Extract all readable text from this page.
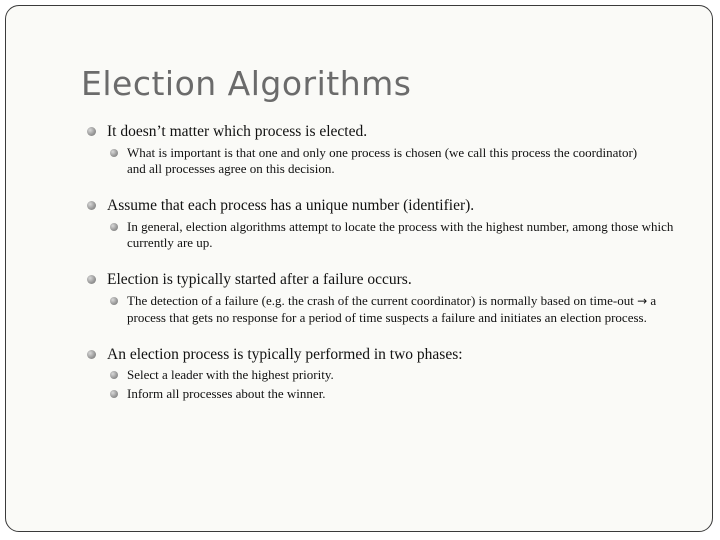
Election Algorithms

It doesn’t matter which process is elected.

What is important is that one and only one process is chosen (we call this process the coordinator) and all processes agree on this decision.

Assume that each process has a unique number (identifier).

In general, election algorithms attempt to locate the process with the highest number, among those which currently are up.

Election is typically started after a failure occurs.

The detection of a failure (e.g. the crash of the current coordinator) is normally based on time-out → a process that gets no response for a period of time suspects a failure and initiates an election process.

An election process is typically performed in two phases:

Select a leader with the highest priority.

Inform all processes about the winner.
